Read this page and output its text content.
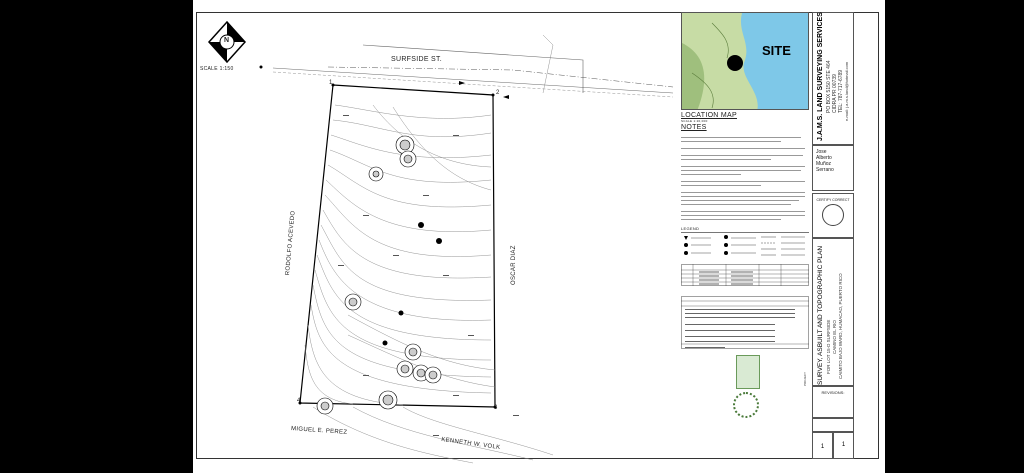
N
SCALE 1:150
SURFSIDE ST.
1
2
3
4
RODOLFO ACEVEDO	OSCAR DIAZ
MIGUEL E. PEREZ
KENNETH W. VOLK
SITE
LOCATION MAP
SCALE 1:20,000
NOTES
LEGEND
J.A.M.S. LAND SURVEYING SERVICES PO BOX 5150 STE 464 CIDRA PR 00739 TEL: 787-717-6789 e-mail: j.a.m.s.land@hotmail.com
Jose
Alberto
Muñoz
Serrano
CERTIFY CORRECT
SURVEY, ASBUILT AND TOPOGRAPHIC PLAN FOR LOT 15-D SURFSIDE CAMINO EL RIO CAIMITO BAJO WARD, HUMACAO, PUERTO RICO
PROJECT
REVISIONS:
1	1
